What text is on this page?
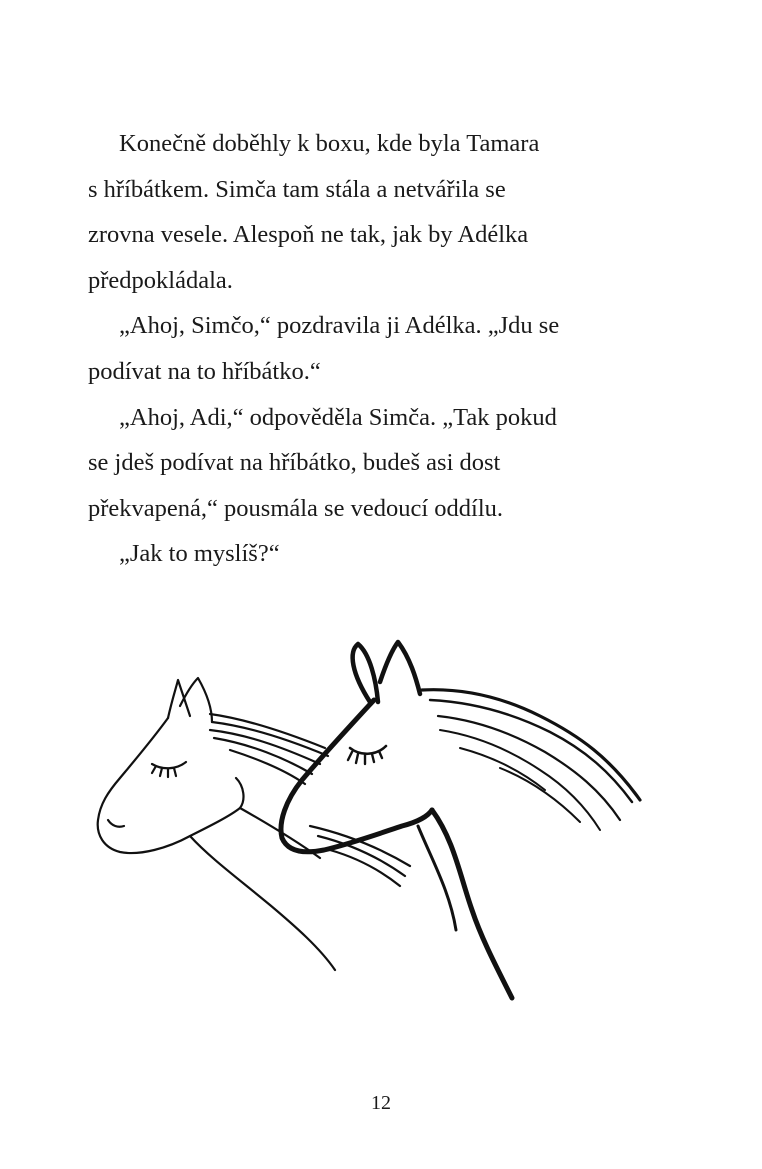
Konečně doběhly k boxu, kde byla Tamara
s hříbátkem. Simča tam stála a netvářila se
zrovna vesele. Alespoň ne tak, jak by Adélka
předpokládala.
„Ahoj, Simčo,“ pozdravila ji Adélka. „Jdu se
podívat na to hříbátko.“
„Ahoj, Adi,“ odpověděla Simča. „Tak pokud
se jdeš podívat na hříbátko, budeš asi dost
překvapená,“ pousmála se vedoucí oddílu.
„Jak to myslíš?“
12
